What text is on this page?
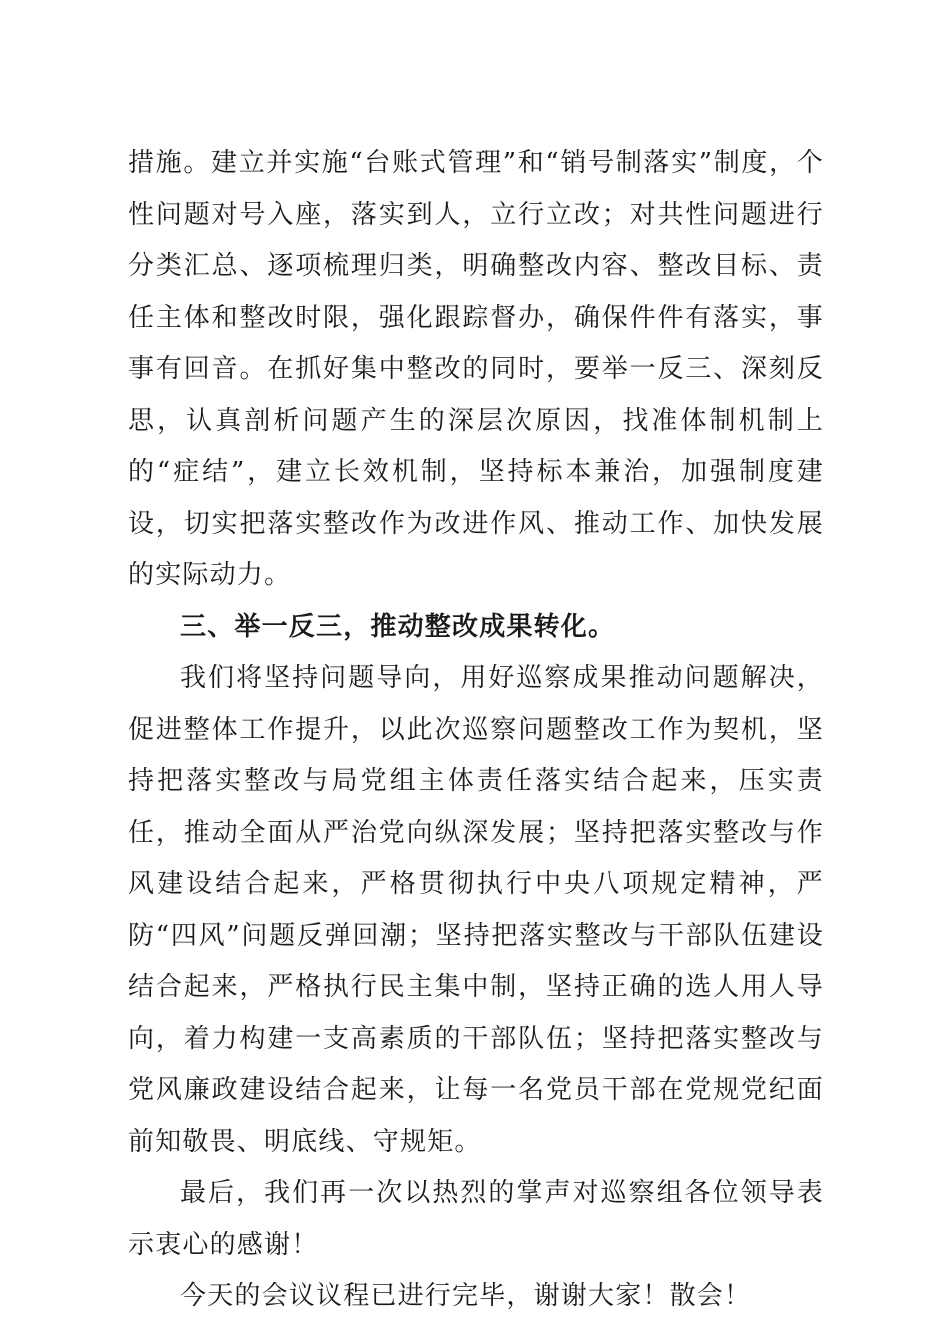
措施。建立并实施“台账式管理”和“销号制落实”制度，个性问题对号入座，落实到人，立行立改；对共性问题进行分类汇总、逐项梳理归类，明确整改内容、整改目标、责任主体和整改时限，强化跟踪督办，确保件件有落实，事事有回音。在抓好集中整改的同时，要举一反三、深刻反思，认真剖析问题产生的深层次原因，找准体制机制上的“症结”，建立长效机制，坚持标本兼治，加强制度建设，切实把落实整改作为改进作风、推动工作、加快发展的实际动力。

三、举一反三，推动整改成果转化。

我们将坚持问题导向，用好巡察成果推动问题解决，促进整体工作提升，以此次巡察问题整改工作为契机，坚持把落实整改与局党组主体责任落实结合起来，压实责任，推动全面从严治党向纵深发展；坚持把落实整改与作风建设结合起来，严格贯彻执行中央八项规定精神，严防“四风”问题反弹回潮；坚持把落实整改与干部队伍建设结合起来，严格执行民主集中制，坚持正确的选人用人导向，着力构建一支高素质的干部队伍；坚持把落实整改与党风廉政建设结合起来，让每一名党员干部在党规党纪面前知敬畏、明底线、守规矩。

最后，我们再一次以热烈的掌声对巡察组各位领导表示衷心的感谢！

今天的会议议程已进行完毕，谢谢大家！散会！
